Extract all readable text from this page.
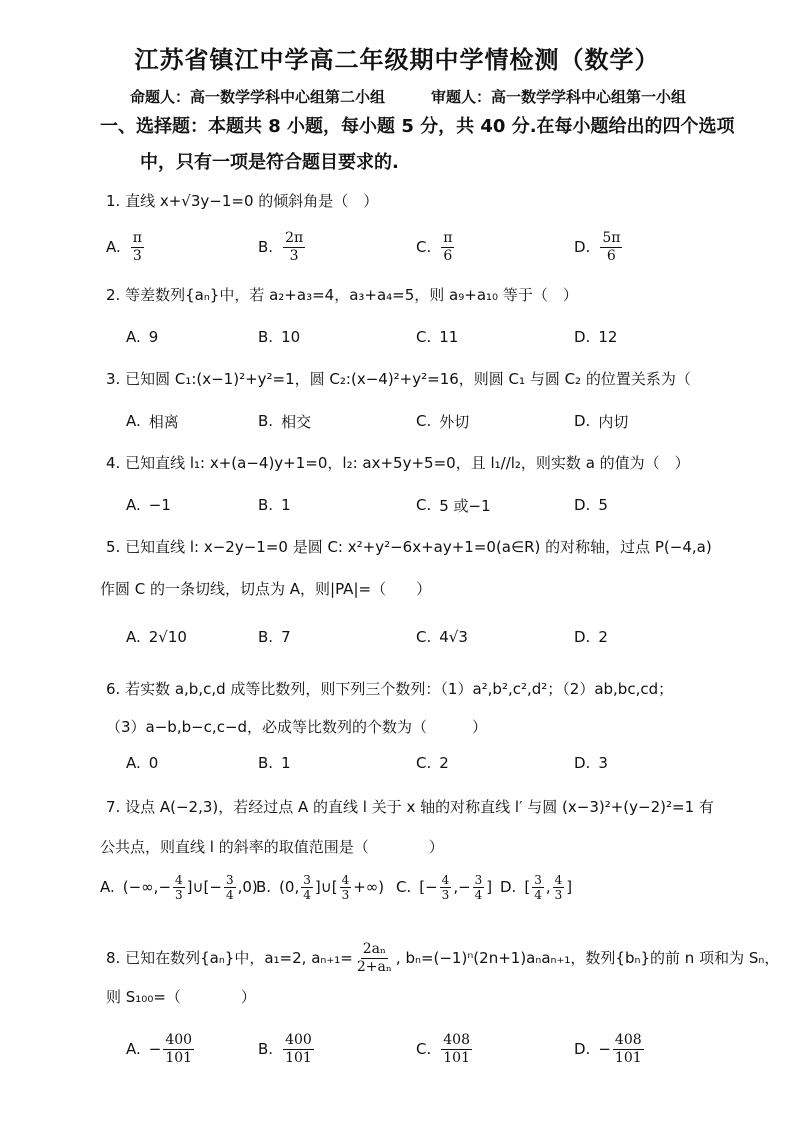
江苏省镇江中学高二年级期中学情检测（数学）
命题人：高一数学学科中心组第二小组	审题人：高一数学学科中心组第一小组
一、选择题：本题共 8 小题，每小题 5 分，共 40 分.在每小题给出的四个选项
中，只有一项是符合题目要求的.
1. 直线 x+√3y−1=0 的倾斜角是（　）
A. $\frac{\pi}{3}$	B. $\frac{2\pi}{3}$	C. $\frac{\pi}{6}$	D. $\frac{5\pi}{6}$
2. 等差数列{aₙ}中，若 a₂+a₃=4，a₃+a₄=5，则 a₉+a₁₀ 等于（　）
A. 9	B. 10	C. 11	D. 12
3. 已知圆 C₁:(x−1)²+y²=1，圆 C₂:(x−4)²+y²=16，则圆 C₁ 与圆 C₂ 的位置关系为（
A. 相离	B. 相交	C. 外切	D. 内切
4. 已知直线 l₁: x+(a−4)y+1=0，l₂: ax+5y+5=0，且 l₁//l₂，则实数 a 的值为（　）
A. −1	B. 1	C. 5 或−1	D. 5
5. 已知直线 l: x−2y−1=0 是圆 C: x²+y²−6x+ay+1=0(a∈R) 的对称轴，过点 P(−4,a)
作圆 C 的一条切线，切点为 A，则|PA|=（　　）
A. 2√10	B. 7	C. 4√3	D. 2
6. 若实数 a,b,c,d 成等比数列，则下列三个数列：（1）a²,b²,c²,d²；（2）ab,bc,cd；
（3）a−b,b−c,c−d，必成等比数列的个数为（　　　）
A. 0	B. 1	C. 2	D. 3
7. 设点 A(−2,3)，若经过点 A 的直线 l 关于 x 轴的对称直线 l′ 与圆 (x−3)²+(y−2)²=1 有
公共点，则直线 l 的斜率的取值范围是（　　　　）
A. (−∞,− $\frac{4}{3}$ ]∪[− $\frac{3}{4} ,0$)
B. (0, $\frac{3}{4}$ ]∪[ $\frac{4}{3}$ +∞) C. [− $\frac{4}{3}$ ,− $\frac{3}{4}$ ] D. [ $\frac{3}{4}$ , $\frac{4}{3}$ ]
8. 已知在数列{aₙ}中，a₁=2, $a_{n+1}= \frac{\text{2aₙ}}{\text{2+aₙ}}$ , bₙ=(−1)ⁿ(2n+1)aₙaₙ₊₁，数列{bₙ}的前 n 项和为 Sₙ，
则 S₁₀₀=（　　　　）
A. − $\frac{400}{101}$	B. $\frac{400}{101}$	C. $\frac{408}{101}$	D. − $\frac{408}{101}$
